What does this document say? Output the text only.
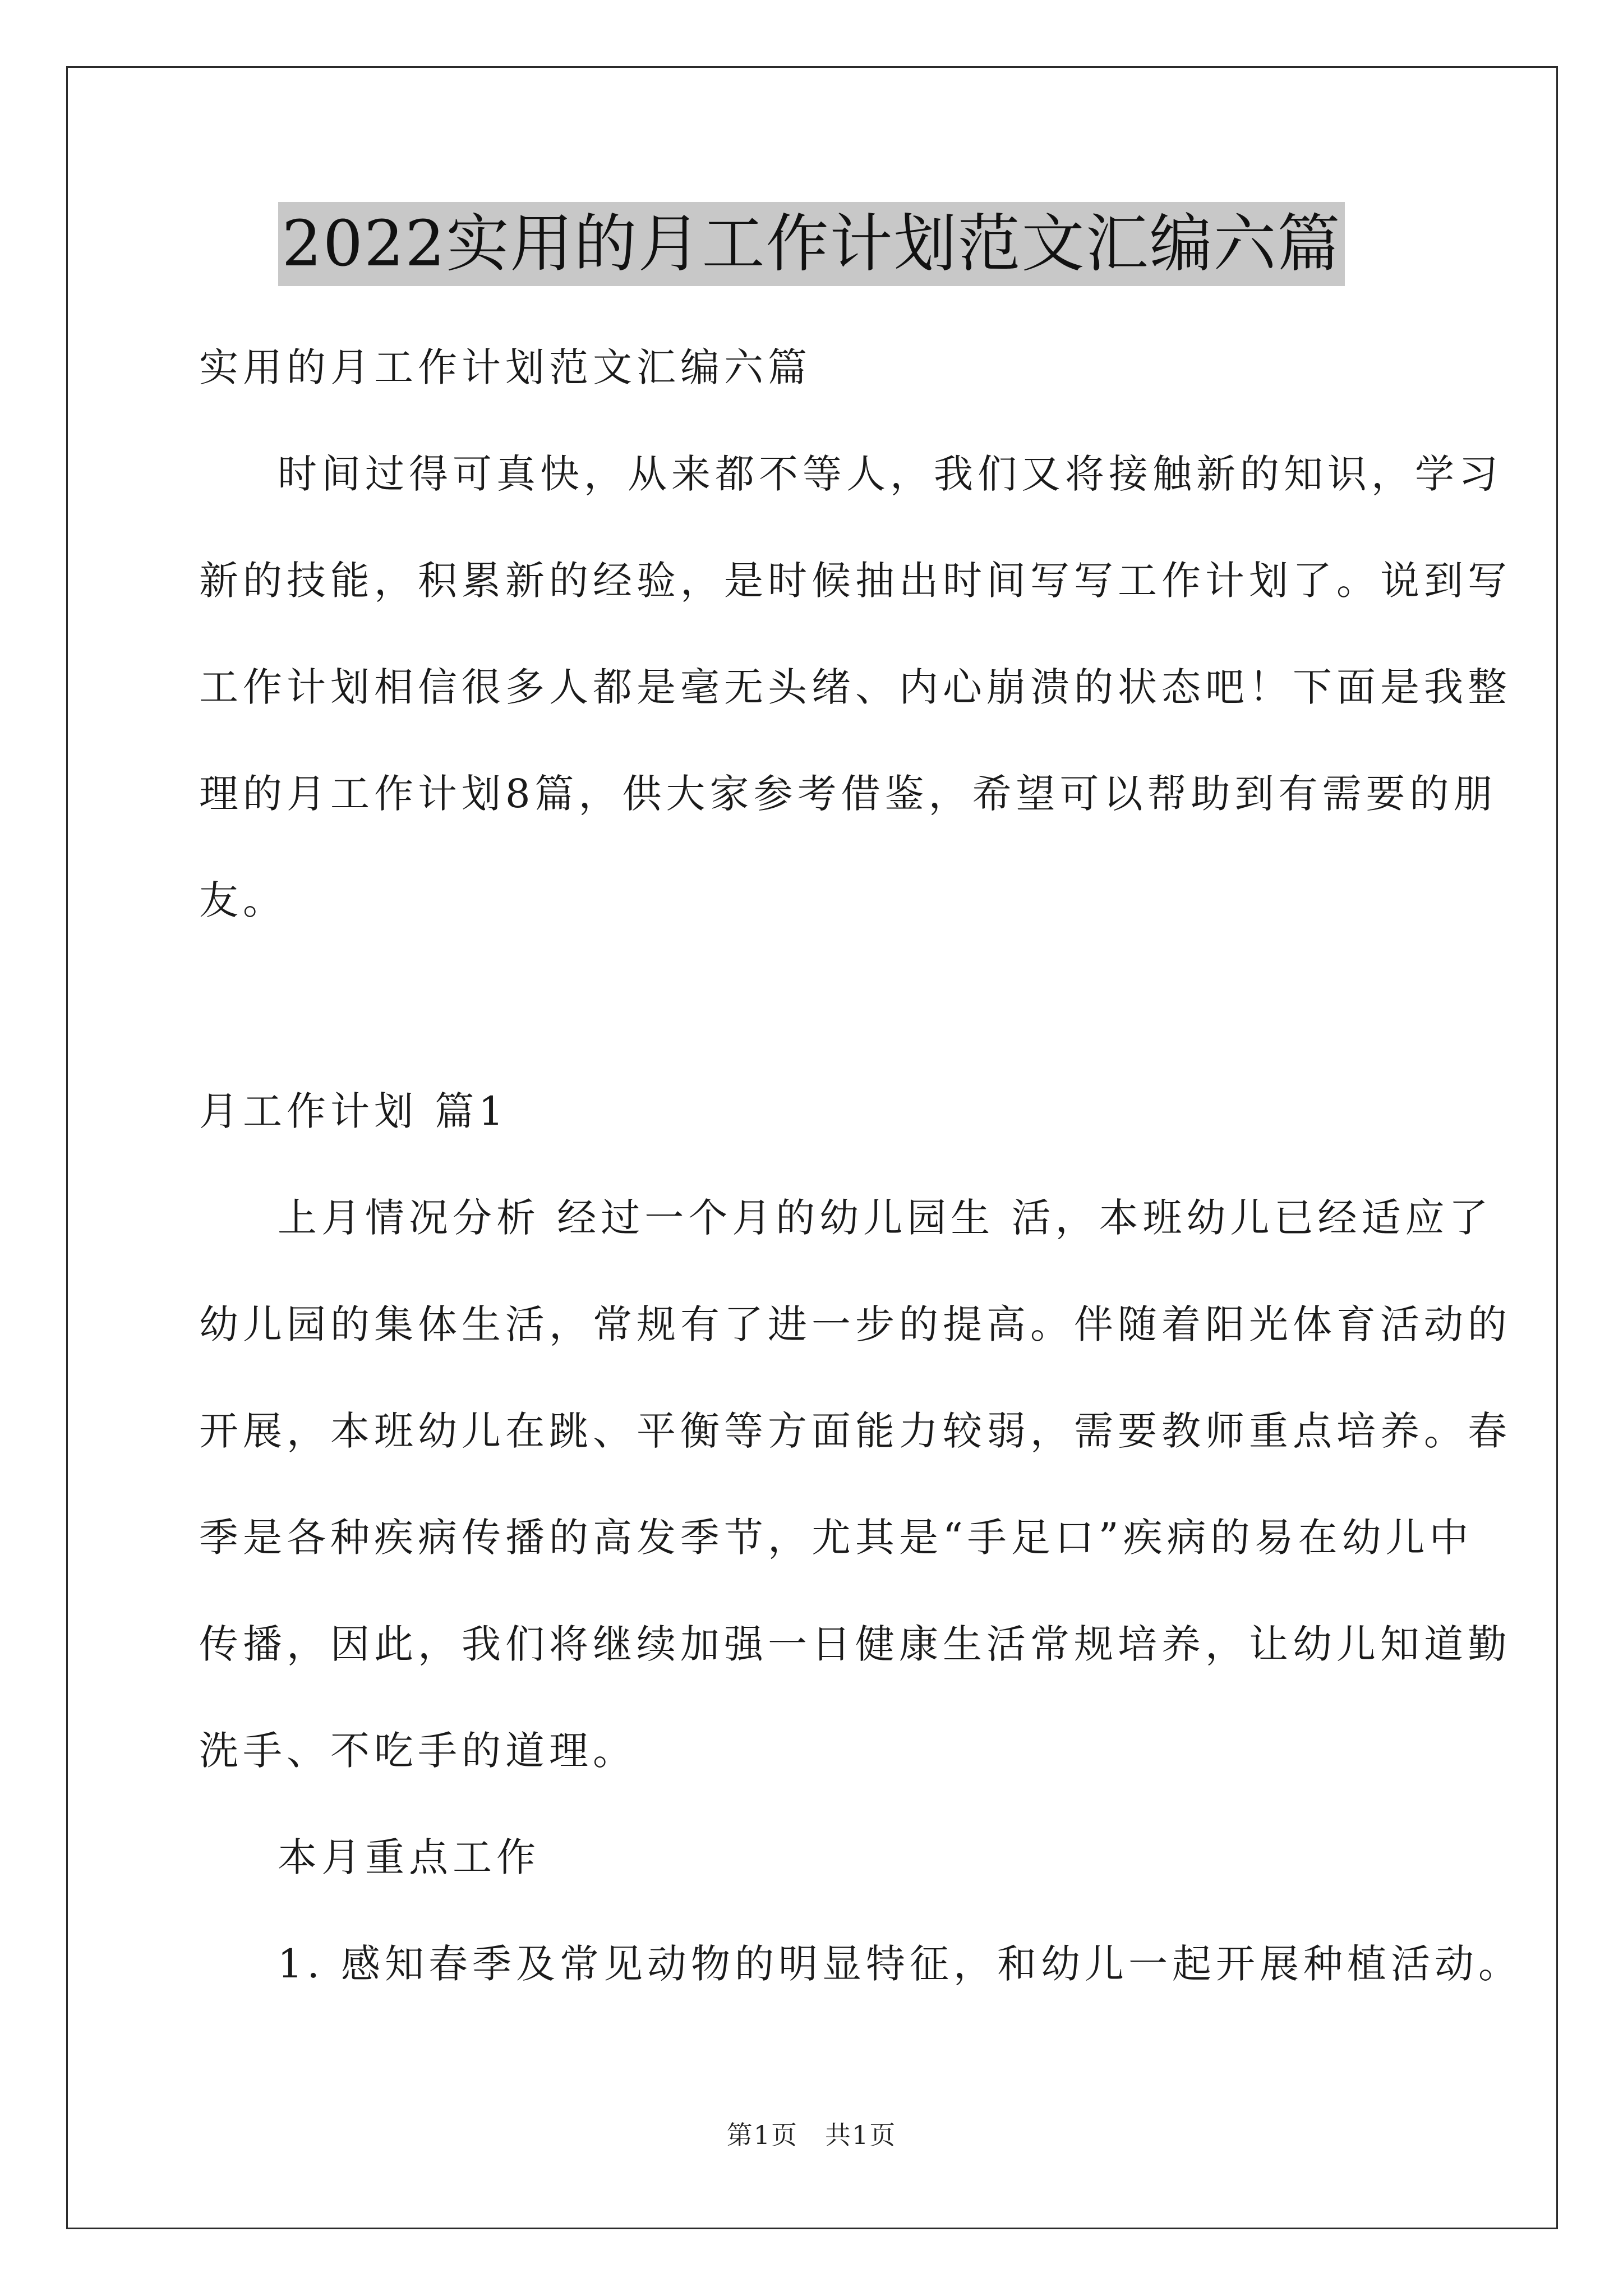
2022实用的月工作计划范文汇编六篇
实用的月工作计划范文汇编六篇
时间过得可真快，从来都不等人，我们又将接触新的知识，学习
新的技能，积累新的经验，是时候抽出时间写写工作计划了。说到写
工作计划相信很多人都是毫无头绪、内心崩溃的状态吧！下面是我整
理的月工作计划8篇，供大家参考借鉴，希望可以帮助到有需要的朋
友。
月工作计划 篇1
上月情况分析 经过一个月的幼儿园生 活，本班幼儿已经适应了
幼儿园的集体生活，常规有了进一步的提高。伴随着阳光体育活动的
开展，本班幼儿在跳、平衡等方面能力较弱，需要教师重点培养。春
季是各种疾病传播的高发季节，尤其是“手足口”疾病的易在幼儿中
传播，因此，我们将继续加强一日健康生活常规培养，让幼儿知道勤
洗手、不吃手的道理。
本月重点工作
1. 感知春季及常见动物的明显特征，和幼儿一起开展种植活动。
第1页 共1页
